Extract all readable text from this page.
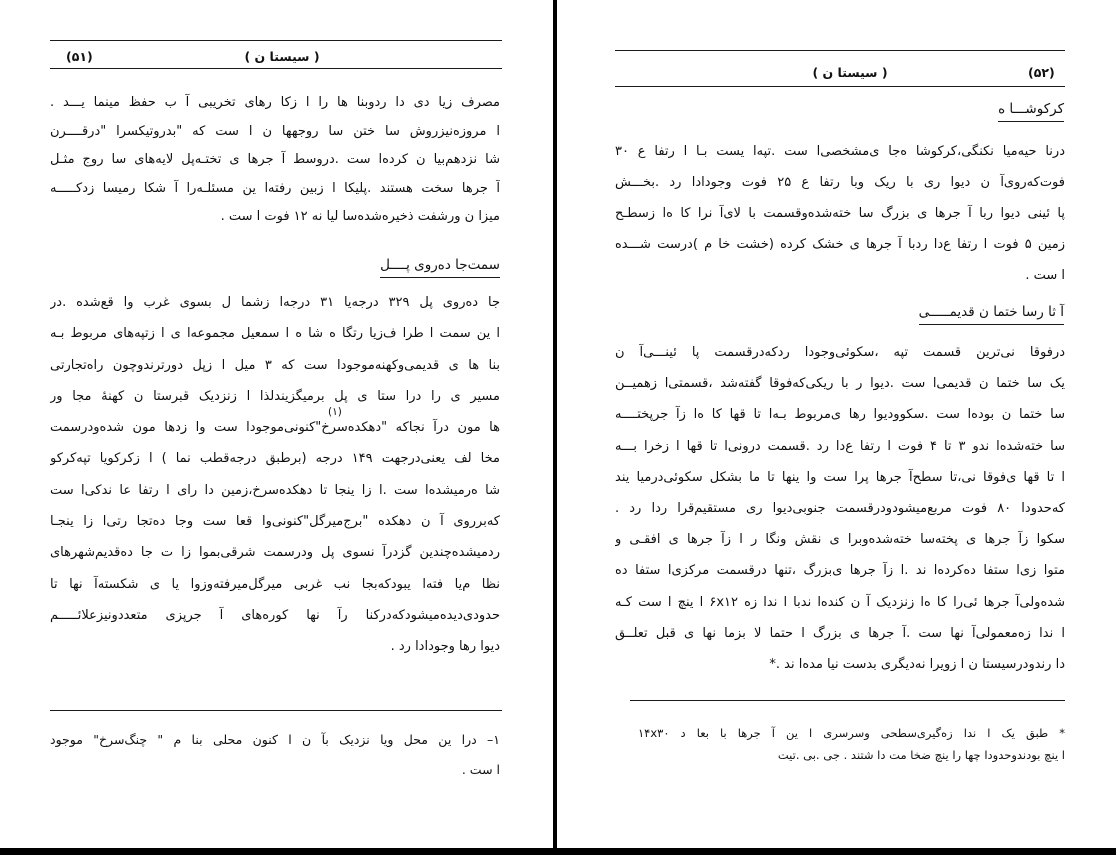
(۵۱)	( سیستا ن )
مصرف زیا دی دا ردوبنا ها را ا زکا رهای تخریبی آ ب حفظ مینما یـــد .
ا مروزه‌نیزروش سا ختن سا روجهها ن ا ست که "بدروتیکسرا "درقــــرن
شا نزدهم‌بیا ن کرده‌ا ست .دروسط آ جرها ی تختـه‌پل لایه‌های سا روج مثـل
آ جرها سخت هستند .پلیکا ا زبین رفته‌ا ین مسئلـه‌را آ شکا رمیسا زدکـــــه
میزا ن ورشفت ذخیره‌شده‌سا لیا نه ۱۲ فوت ا ست .
سمت‌جا ده‌روی پــــل
جا ده‌روی پل ۳۲۹ درجه‌یا ۳۱ درجه‌ا زشما ل بسوی غرب وا قع‌شده .در
ا ین سمت ا طرا ف‌زیا رتگا ه شا ه ا سمعیل مجموعه‌ا ی ا زتپه‌های مربوط بـه
بنا ها ی قدیمی‌وکهنه‌موجودا ست که ۳ میل ا زپل دورترندوچون راه‌تجارتی
مسیر ی را درا ستا ی پل برمیگزیندلذا ا زنزدیک قبرستا ن کهنه‌ٔ مجا ور
ها مون درآ نجاکه "دهکده‌سرخ"کنونی‌موجودا ست وا زدها مون شده‌ودرسمت
مخا لف یعنی‌درجهت ۱۴۹ درجه (برطبق درجه‌قطب نما ) ا زکرکویا تپه‌کرکو
شا ه‌رمیشده‌ا ست .ا زا ینجا تا دهکده‌سرخ،زمین دا رای ا رتفا عا ندکی‌ا ست
که‌برروی آ ن دهکده "برج‌میرگل"کنونی‌وا قعا ست وجا ده‌تجا رتی‌ا زا ینجـا
ردمیشده‌چندین گزدرآ نسوی پل ودرسمت شرقی‌بموا زا ت جا ده‌قدیم‌شهرهای
نظا م‌یا فته‌ا یبودکه‌بجا نب غربی میرگل‌میرفته‌وزوا یا ی شکسته‌آ نها تا
حدودی‌دیده‌میشودکه‌درکنا رآ نها کوره‌های آ جرپزی متعددونیزعلائـــــم
دیوا رها وجودادا رد .
(۱)
۱– درا ین محل ویا نزدیک بآ ن ا کنون محلی بنا م " چنگ‌سرخ" موجود
ا ست .
( سیستا ن )	(۵۲)
کرکوشـــا ه
درنا حیه‌میا نکنگی،کرکوشا ه‌جا ی‌مشخصی‌ا ست .تپه‌ا یست بـا ا رتفا ع ۳۰
فوت‌که‌روی‌آ ن دیوا ری با ریک وبا رتفا ع ۲۵ فوت وجودادا رد .بخـــش
پا ئینی دیوا ربا آ جرها ی بزرگ سا خته‌شده‌وقسمت با لای‌آ نرا کا ه‌ا زسطـح
زمین ۵ فوت ا رتفا ع‌دا ردبا آ جرها ی خشک کرده (خشت خا م )درست شـــده
ا ست .
آ ثا رسا ختما ن قدیمـــــی
درفوقا نی‌ترین قسمت تپه ،سکوئی‌وجودا ردکه‌درقسمت پا ئینـــی‌آ ن
یک سا ختما ن قدیمی‌ا ست .دیوا ر با ریکی‌که‌فوقا گفته‌شد ،قسمتی‌ا زهمیــن
سا ختما ن بوده‌ا ست .سکوودیوا رها ی‌مربوط بـه‌ا تا قها کا ه‌ا زآ جرپختــــه
سا خته‌شده‌ا ندو ۳ تا ۴ فوت ا رتفا ع‌دا رد .قسمت درونی‌ا تا قها ا زخرا بـــه
ا تا قها ی‌فوقا نی،تا سطح‌آ جرها پرا ست وا ینها تا ما بشکل سکوئی‌درمیا یند
که‌حدودا ۸۰ فوت مربع‌میشودودرقسمت جنوبی‌دیوا ری مستقیم‌قرا ردا رد .
سکوا زآ جرها ی پخته‌سا خته‌شده‌وبرا ی نقش ونگا ر ا زآ جرها ی افقـی و
متوا زی‌ا ستفا ده‌کرده‌ا ند .ا زآ جرها ی‌بزرگ ،تنها درقسمت مرکزی‌ا ستفا ده
شده‌ولی‌آ جرها ئی‌را کا ه‌ا زنزدیک آ ن کنده‌ا ندبا ا ندا زه ۶x۱۲ ا ینچ ا ست کـه
ا ندا زه‌معمولی‌آ نها ست .آ جرها ی بزرگ ا حتما لا بزما نها ی قبل تعلــق
دا رندودرسیستا ن ا زویرا نه‌دیگری بدست نیا مده‌ا ند .*
* طبق یک ا ندا زه‌گیری‌سطحی وسرسری ا ین آ جرها با بعا د ۱۴x۳۰
ا ینچ بودندوحدودا چها را ینچ ضخا مت دا شتند . جی .بی .تیت
